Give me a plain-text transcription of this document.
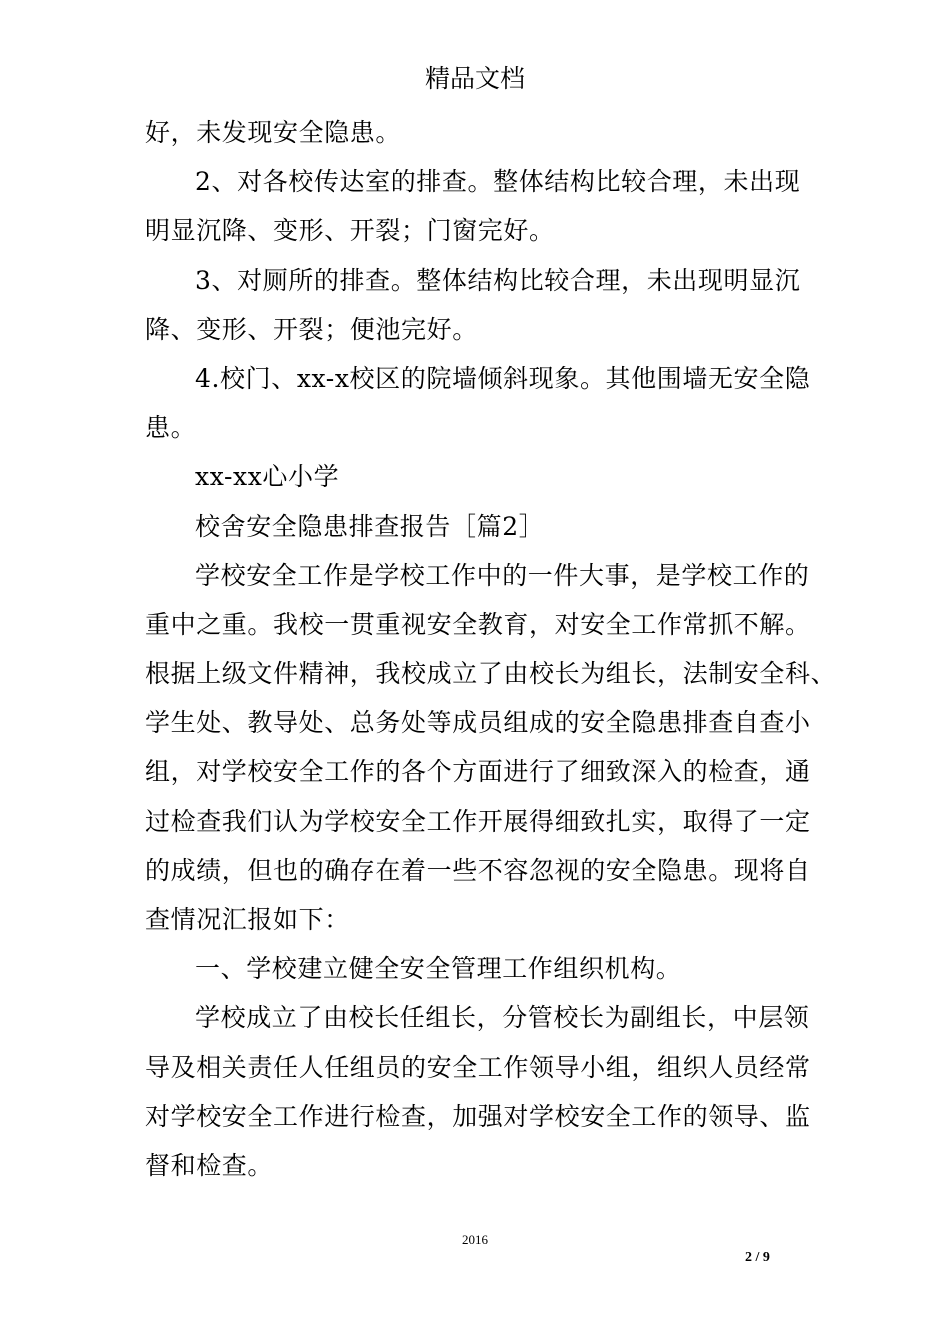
精品文档
好，未发现安全隐患。
2、对各校传达室的排查。整体结构比较合理，未出现
明显沉降、变形、开裂；门窗完好。
3、对厕所的排查。整体结构比较合理，未出现明显沉
降、变形、开裂；便池完好。
4.校门、xx-x校区的院墙倾斜现象。其他围墙无安全隐
患。
xx-xx心小学
校舍安全隐患排查报告［篇2］
学校安全工作是学校工作中的一件大事，是学校工作的
重中之重。我校一贯重视安全教育，对安全工作常抓不解。
根据上级文件精神，我校成立了由校长为组长，法制安全科、
学生处、教导处、总务处等成员组成的安全隐患排查自查小
组，对学校安全工作的各个方面进行了细致深入的检查，通
过检查我们认为学校安全工作开展得细致扎实，取得了一定
的成绩，但也的确存在着一些不容忽视的安全隐患。现将自
查情况汇报如下：
一、学校建立健全安全管理工作组织机构。
学校成立了由校长任组长，分管校长为副组长，中层领
导及相关责任人任组员的安全工作领导小组，组织人员经常
对学校安全工作进行检查，加强对学校安全工作的领导、监
督和检查。
2016
2 / 9
